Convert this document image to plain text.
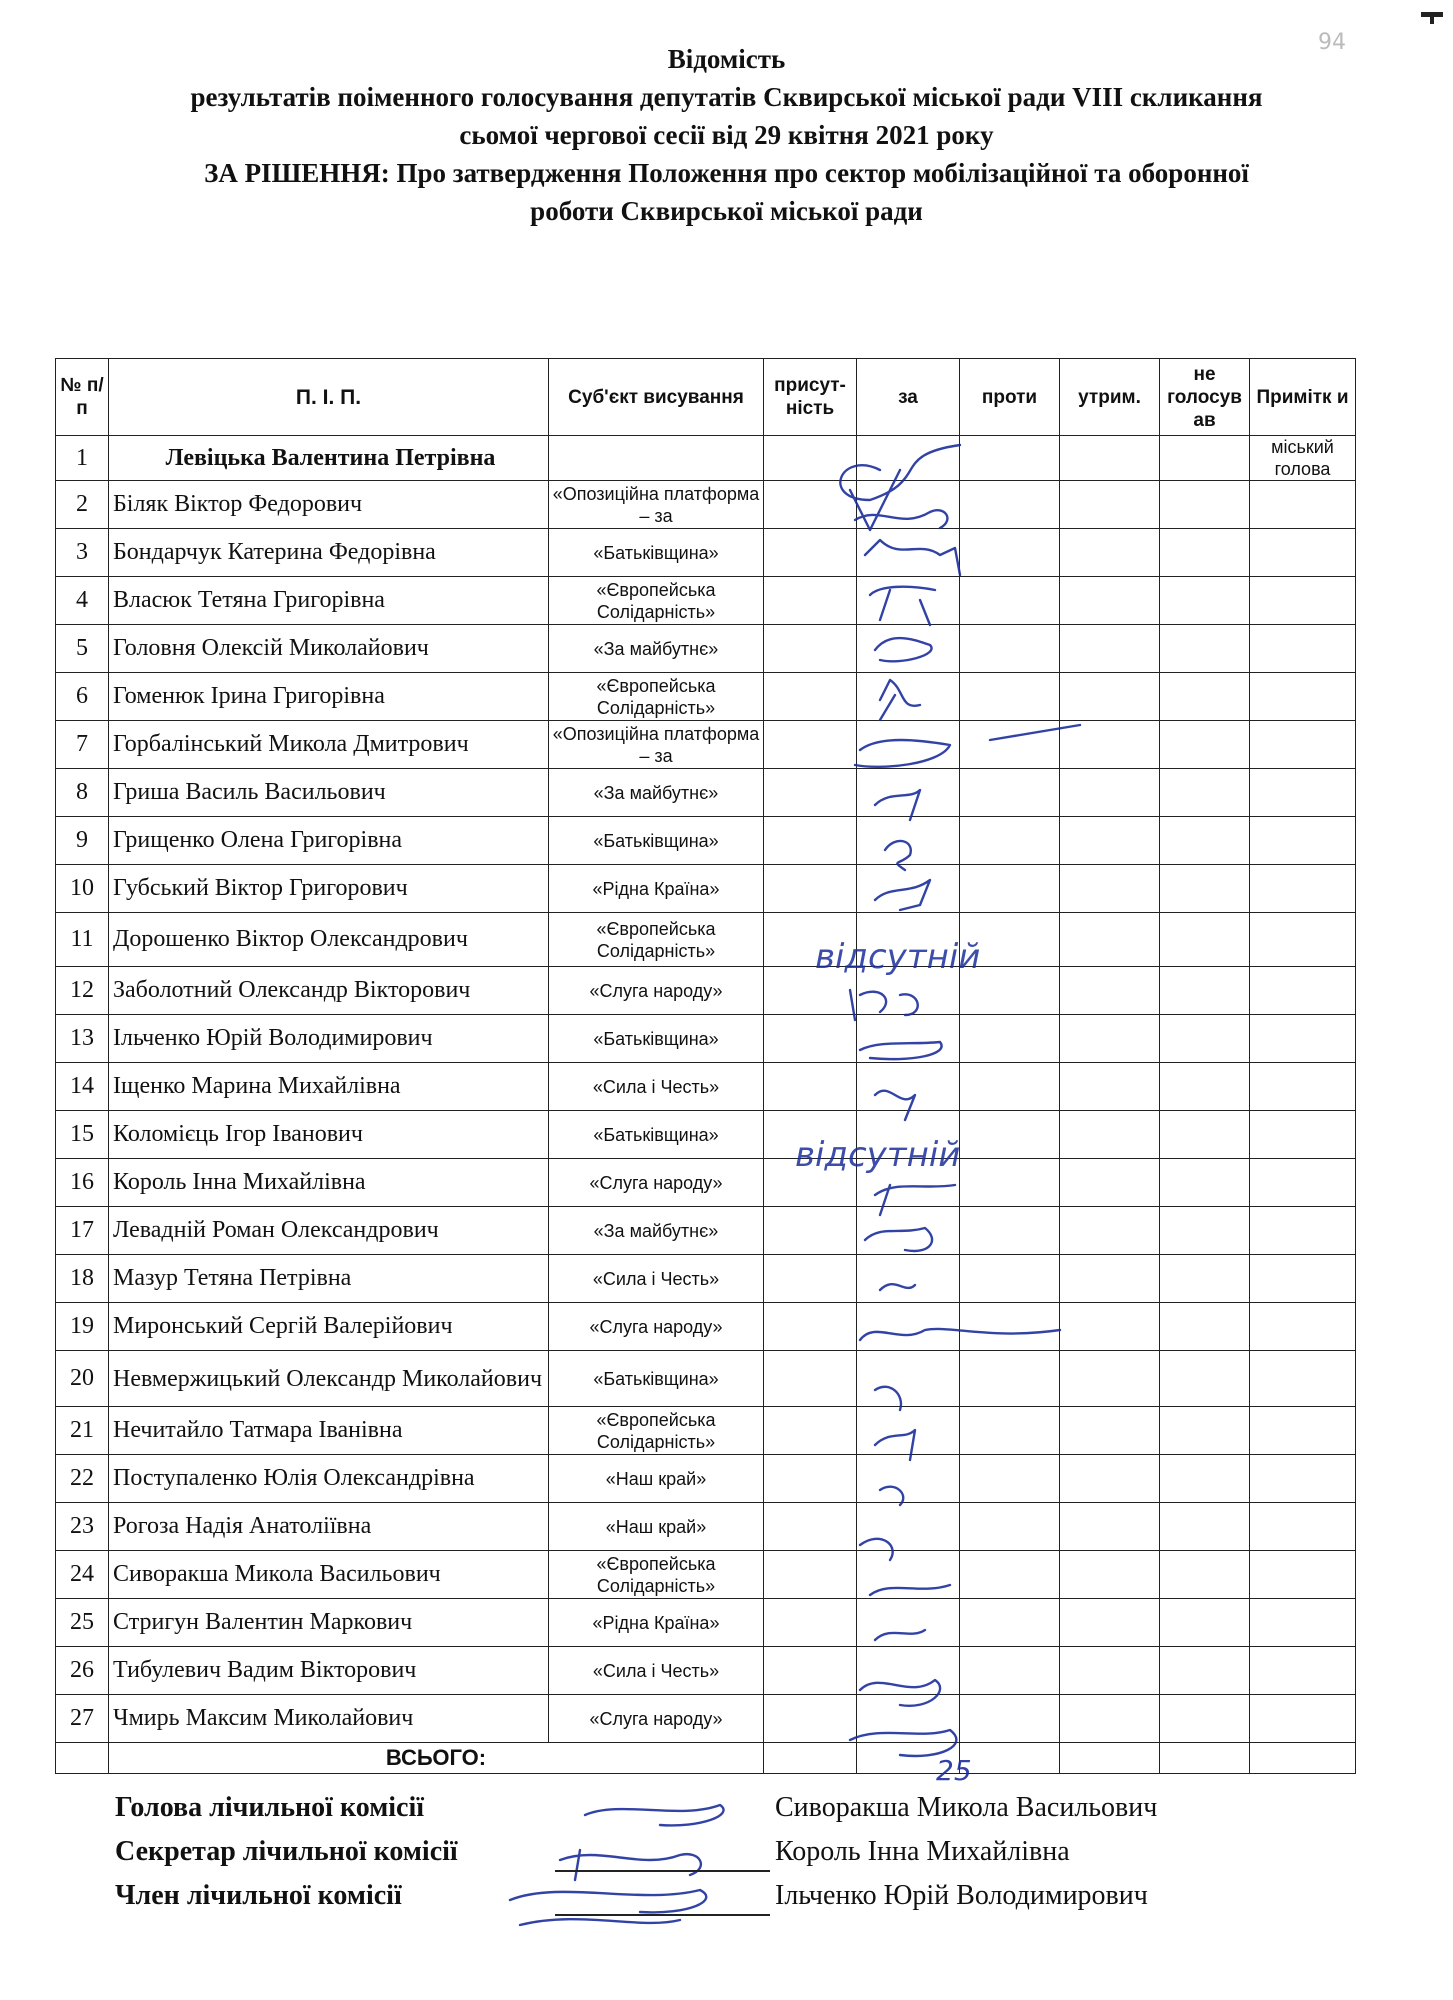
94
Відомість
результатів поіменного голосування депутатів Сквирської міської ради VIII скликання
сьомої чергової сесії від 29 квітня 2021 року
ЗА РІШЕННЯ: Про затвердження Положення про сектор мобілізаційної та оборонної
роботи Сквирської міської ради
№ п/п	П. І. П.	Суб'єкт висування	присут-ність	за	проти	утрим.	не голосув ав	Примітк и
1	Левіцька Валентина Петрівна							міський голова
2	Біляк Віктор Федорович	«Опозиційна платформа – за						
3	Бондарчук Катерина Федорівна	«Батьківщина»						
4	Власюк Тетяна Григорівна	«Європейська Солідарність»						
5	Головня Олексій Миколайович	«За майбутнє»						
6	Гоменюк Ірина Григорівна	«Європейська Солідарність»						
7	Горбалінський Микола Дмитрович	«Опозиційна платформа – за						
8	Гриша Василь Васильович	«За майбутнє»						
9	Грищенко Олена Григорівна	«Батьківщина»						
10	Губський Віктор Григорович	«Рідна Країна»						
11	Дорошенко Віктор Олександрович	«Європейська Солідарність»						
12	Заболотний Олександр Вікторович	«Слуга народу»						
13	Ільченко Юрій Володимирович	«Батьківщина»						
14	Іщенко Марина Михайлівна	«Сила і Честь»						
15	Коломієць Ігор Іванович	«Батьківщина»						
16	Король Інна Михайлівна	«Слуга народу»						
17	Левадній Роман Олександрович	«За майбутнє»						
18	Мазур Тетяна Петрівна	«Сила і Честь»						
19	Миронський Сергій Валерійович	«Слуга народу»						
20	Невмержицький Олександр Миколайович	«Батьківщина»						
21	Нечитайло Татмара Іванівна	«Європейська Солідарність»						
22	Поступаленко Юлія Олександрівна	«Наш край»						
23	Рогоза Надія Анатоліївна	«Наш край»						
24	Сиворакша Микола Васильович	«Європейська Солідарність»						
25	Стригун Валентин Маркович	«Рідна Країна»						
26	Тибулевич Вадим Вікторович	«Сила і Честь»						
27	Чмирь Максим Миколайович	«Слуга народу»						
	ВСЬОГО:							
відсутній
відсутній
25
Голова лічильної комісії	Сиворакша Микола Васильович
Секретар лічильної комісії	Король Інна Михайлівна
Член лічильної комісії	Ільченко Юрій Володимирович
